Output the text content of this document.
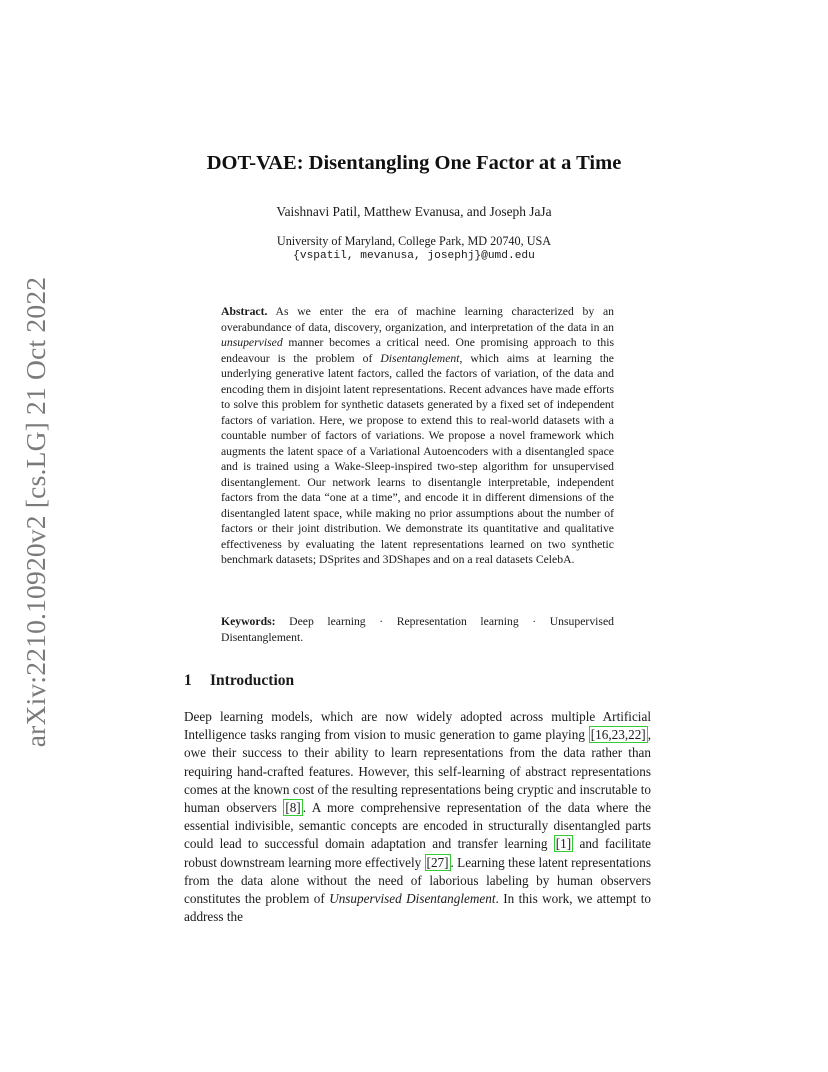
arXiv:2210.10920v2 [cs.LG] 21 Oct 2022
DOT-VAE: Disentangling One Factor at a Time
Vaishnavi Patil, Matthew Evanusa, and Joseph JaJa
University of Maryland, College Park, MD 20740, USA
{vspatil, mevanusa, josephj}@umd.edu

Abstract. As we enter the era of machine learning characterized by an overabundance of data, discovery, organization, and interpretation of the data in an unsupervised manner becomes a critical need. One promising approach to this endeavour is the problem of Disentanglement, which aims at learning the underlying generative latent factors, called the factors of variation, of the data and encoding them in disjoint latent representations. Recent advances have made efforts to solve this problem for synthetic datasets generated by a fixed set of independent factors of variation. Here, we propose to extend this to real-world datasets with a countable number of factors of variations. We propose a novel framework which augments the latent space of a Variational Autoencoders with a disentangled space and is trained using a Wake-Sleep-inspired two-step algorithm for unsupervised disentanglement. Our network learns to disentangle interpretable, independent factors from the data “one at a time”, and encode it in different dimensions of the disentangled latent space, while making no prior assumptions about the number of factors or their joint distribution. We demonstrate its quantitative and qualitative effectiveness by evaluating the latent representations learned on two synthetic benchmark datasets; DSprites and 3DShapes and on a real datasets CelebA.

Keywords: Deep learning · Representation learning · Unsupervised Disentanglement.
1 Introduction

Deep learning models, which are now widely adopted across multiple Artificial Intelligence tasks ranging from vision to music generation to game playing [16,23,22] , owe their success to their ability to learn representations from the data rather than requiring hand-crafted features. However, this self-learning of abstract representations comes at the known cost of the resulting representations being cryptic and inscrutable to human observers [8] . A more comprehensive representation of the data where the essential indivisible, semantic concepts are encoded in structurally disentangled parts could lead to successful domain adaptation and transfer learning [1] and facilitate robust downstream learning more effectively [27] . Learning these latent representations from the data alone without the need of laborious labeling by human observers constitutes the problem of Unsupervised Disentanglement. In this work, we attempt to address the
